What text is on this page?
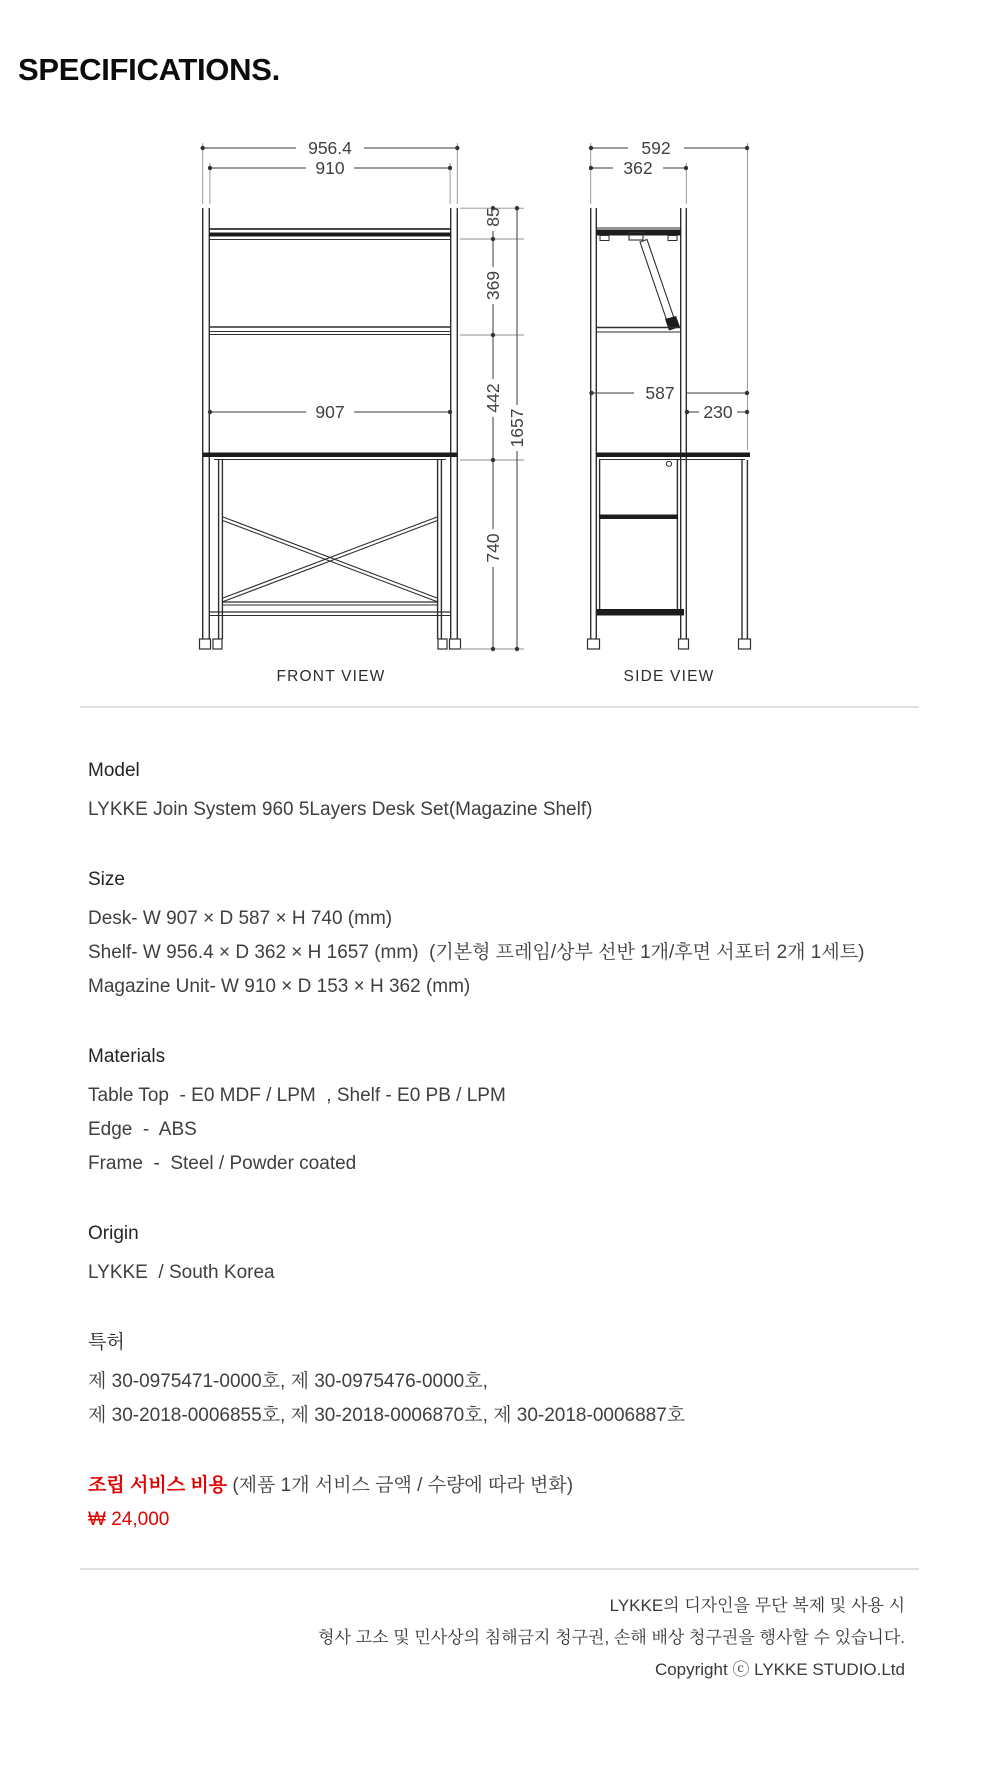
SPECIFICATIONS.
956.4
910
907
85
369
442
740
1657
592
362
587
230
FRONT VIEW	SIDE VIEW
Model

LYKKE Join System 960 5Layers Desk Set(Magazine Shelf)

Size

Desk- W 907 × D 587 × H 740 (mm)

Shelf- W 956.4 × D 362 × H 1657 (mm)  (기본형 프레임/상부 선반 1개/후면 서포터 2개 1세트)

Magazine Unit- W 910 × D 153 × H 362 (mm)

Materials

Table Top  - E0 MDF / LPM  , Shelf - E0 PB / LPM

Edge  -  ABS

Frame  -  Steel / Powder coated

Origin

LYKKE  / South Korea

특허

제 30-0975471-0000호, 제 30-0975476-0000호,

제 30-2018-0006855호, 제 30-2018-0006870호, 제 30-2018-0006887호

조립 서비스 비용 (제품 1개 서비스 금액 / 수량에 따라 변화)

₩ 24,000

LYKKE의 디자인을 무단 복제 및 사용 시

형사 고소 및 민사상의 침해금지 청구권, 손해 배상 청구권을 행사할 수 있습니다.

Copyright ⓒ LYKKE STUDIO.Ltd
